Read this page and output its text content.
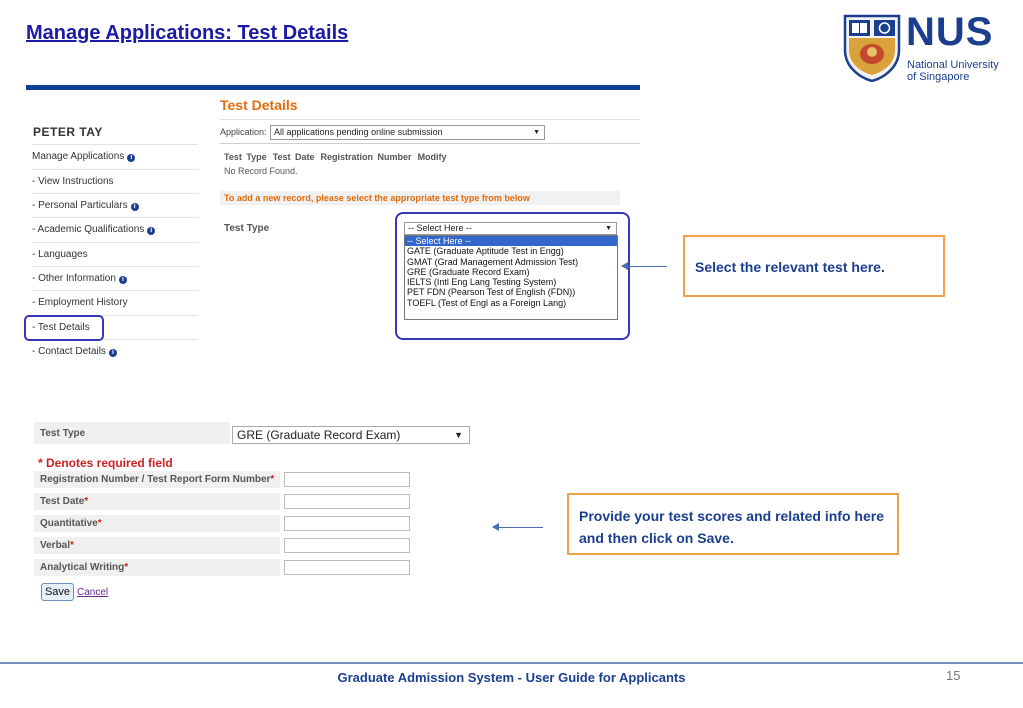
Manage Applications: Test Details	NUS
National University
of Singapore
PETER TAY
Manage Applications i
- View Instructions
- Personal Particulars i
- Academic Qualifications i
- Languages
- Other Information i
- Employment History
- Test Details
- Contact Details i
Test Details
Application: All applications pending online submission	▼
Test Type Test Date Registration Number Modify
No Record Found.
To add a new record, please select the appropriate test type from below
Test Type	-- Select Here --	▼
-- Select Here --
GATE (Graduate Aptitude Test in Engg)
GMAT (Grad Management Admission Test)
GRE (Graduate Record Exam)
IELTS (Intl Eng Lang Testing System)
PET FDN (Pearson Test of English (FDN))
TOEFL (Test of Engl as a Foreign Lang)
Select the relevant test here.
Test Type	GRE (Graduate Record Exam)	▼
* Denotes required field
Registration Number / Test Report Form Number*
Test Date*
Quantitative*
Verbal*
Analytical Writing*
Save Cancel
Provide your test scores and related info here and then click on Save.
Graduate Admission System - User Guide for Applicants	15
